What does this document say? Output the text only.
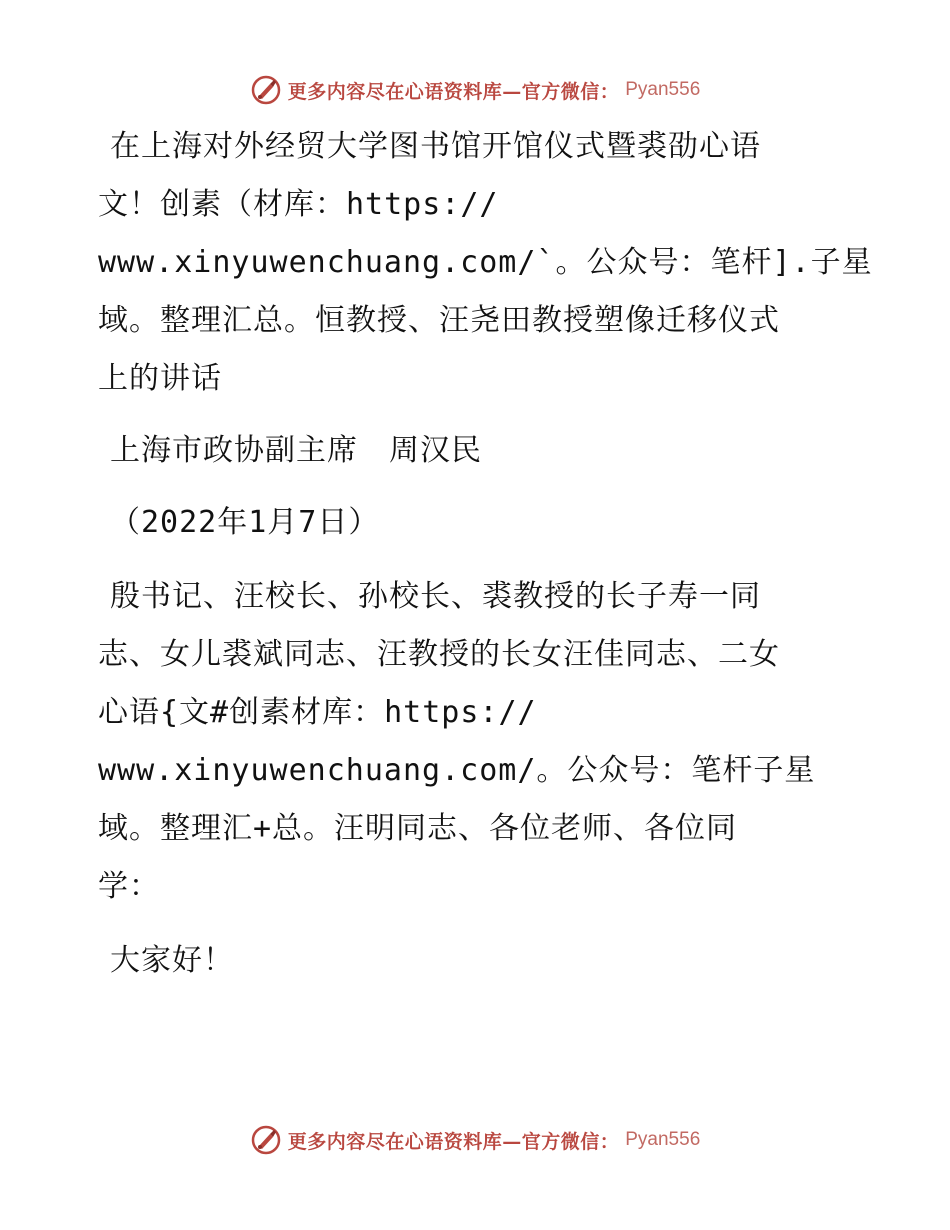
更多内容尽在心语资料库—官方微信： Pyan556

在上海对外经贸大学图书馆开馆仪式暨裘劭心语

文！创素（材库：https://

www.xinyuwenchuang.com/`。公众号：笔杆].子星

域。整理汇总。恒教授、汪尧田教授塑像迁移仪式

上的讲话

上海市政协副主席　周汉民

（2022年1月7日）

殷书记、汪校长、孙校长、裘教授的长子寿一同

志、女儿裘斌同志、汪教授的长女汪佳同志、二女

心语{文#创素材库：https://

www.xinyuwenchuang.com/。公众号：笔杆子星

域。整理汇+总。汪明同志、各位老师、各位同

学：

大家好！

更多内容尽在心语资料库—官方微信： Pyan556
